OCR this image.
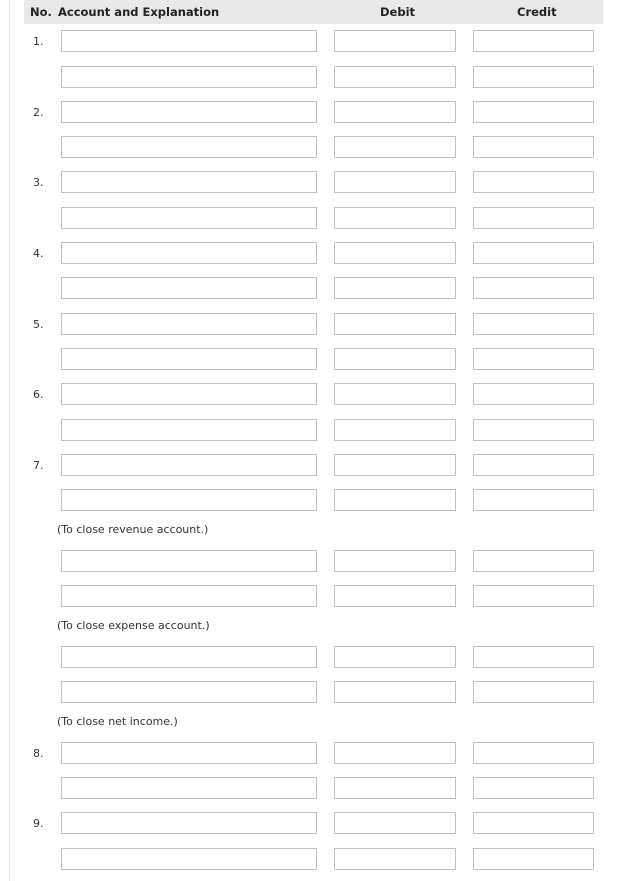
No. Account and Explanation	Debit	Credit
1.
2.
3.
4.
5.
6.
7.
(To close revenue account.)
(To close expense account.)
(To close net income.)
8.
9.
